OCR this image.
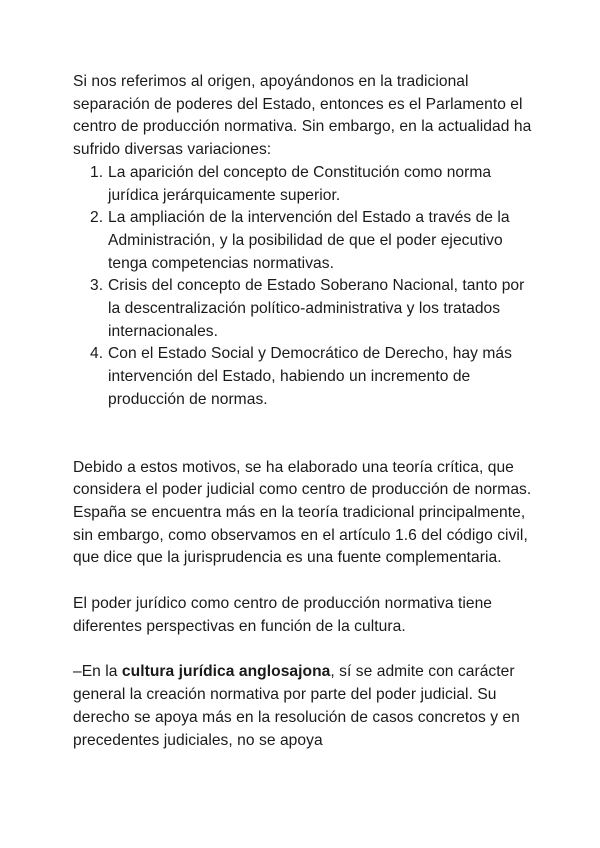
Si nos referimos al origen, apoyándonos en la tradicional separación de poderes del Estado, entonces es el Parlamento el centro de producción normativa. Sin embargo, en la actualidad ha sufrido diversas variaciones:

1. La aparición del concepto de Constitución como norma jurídica jerárquicamente superior.
2. La ampliación de la intervención del Estado a través de la Administración, y la posibilidad de que el poder ejecutivo tenga competencias normativas.
3. Crisis del concepto de Estado Soberano Nacional, tanto por la descentralización político-administrativa y los tratados internacionales.
4. Con el Estado Social y Democrático de Derecho, hay más intervención del Estado, habiendo un incremento de producción de normas.

Debido a estos motivos, se ha elaborado una teoría crítica, que considera el poder judicial como centro de producción de normas. España se encuentra más en la teoría tradicional principalmente, sin embargo, como observamos en el artículo 1.6 del código civil, que dice que la jurisprudencia es una fuente complementaria.

El poder jurídico como centro de producción normativa tiene diferentes perspectivas en función de la cultura.

–En la cultura jurídica anglosajona, sí se admite con carácter general la creación normativa por parte del poder judicial. Su derecho se apoya más en la resolución de casos concretos y en precedentes judiciales, no se apoya
